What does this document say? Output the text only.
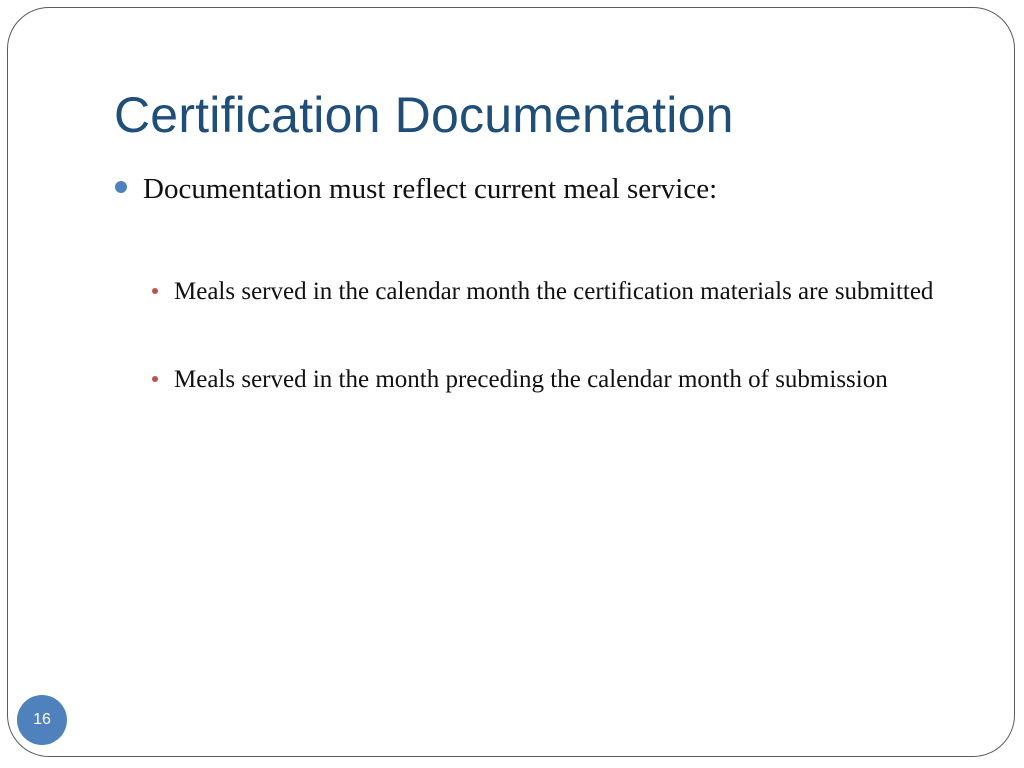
Certification Documentation
Documentation must reflect current meal service:
Meals served in the calendar month the certification materials are submitted
Meals served in the month preceding the calendar month of submission
16
